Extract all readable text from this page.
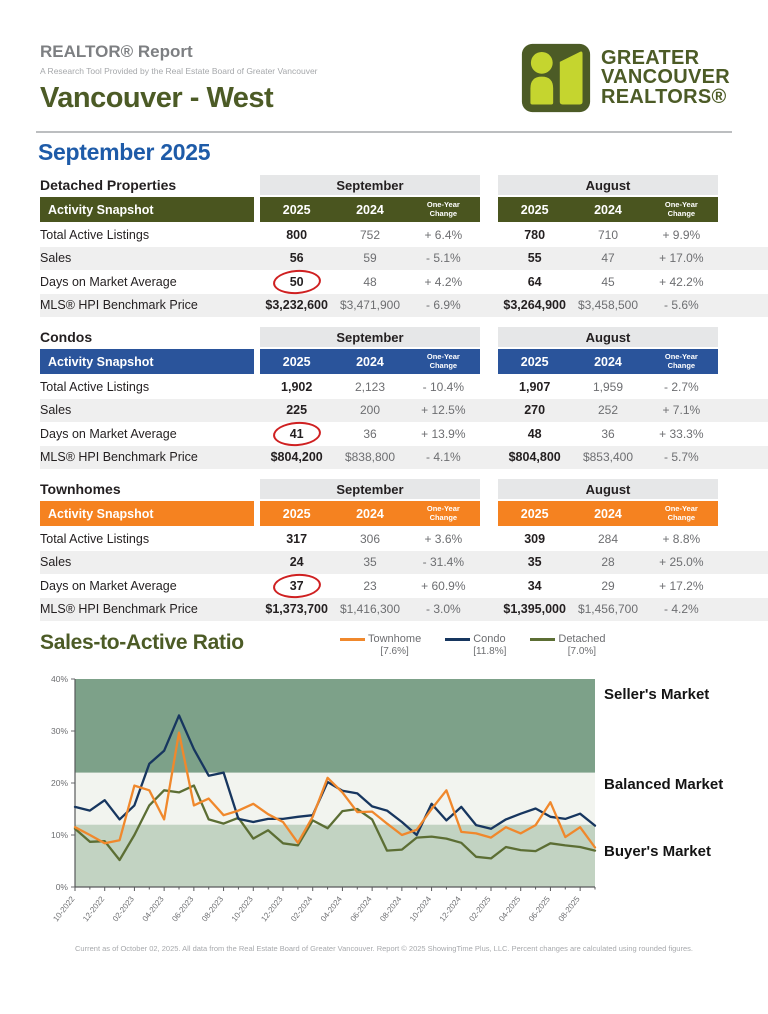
REALTOR® Report
A Research Tool Provided by the Real Estate Board of Greater Vancouver
Vancouver - West
GREATER
VANCOUVER
REALTORS®
September 2025
Detached Properties	September	August
Activity Snapshot	2025	2024	One-Year Change	2025	2024	One-Year Change
Total Active Listings	800	752	+ 6.4%	780	710	+ 9.9%
Sales	56	59	- 5.1%	55	47	+ 17.0%
Days on Market Average	50	48	+ 4.2%	64	45	+ 42.2%
MLS® HPI Benchmark Price	$3,232,600	$3,471,900	- 6.9%	$3,264,900	$3,458,500	- 5.6%
Condos	September	August
Activity Snapshot	2025	2024	One-Year Change	2025	2024	One-Year Change
Total Active Listings	1,902	2,123	- 10.4%	1,907	1,959	- 2.7%
Sales	225	200	+ 12.5%	270	252	+ 7.1%
Days on Market Average	41	36	+ 13.9%	48	36	+ 33.3%
MLS® HPI Benchmark Price	$804,200	$838,800	- 4.1%	$804,800	$853,400	- 5.7%
Townhomes	September	August
Activity Snapshot	2025	2024	One-Year Change	2025	2024	One-Year Change
Total Active Listings	317	306	+ 3.6%	309	284	+ 8.8%
Sales	24	35	- 31.4%	35	28	+ 25.0%
Days on Market Average	37	23	+ 60.9%	34	29	+ 17.2%
MLS® HPI Benchmark Price	$1,373,700	$1,416,300	- 3.0%	$1,395,000	$1,456,700	- 4.2%
Sales-to-Active Ratio	Townhome
[7.6%]
Condo
[11.8%]
Detached
[7.0%]
0%
10%
20%
30%
40%
10-2022 12-2022 02-2023 04-2023 06-2023 08-2023 10-2023 12-2023 02-2024 04-2024 06-2024 08-2024 10-2024 12-2024 02-2025 04-2025 06-2025 08-2025
Seller's Market
Balanced Market
Buyer's Market
Current as of October 02, 2025. All data from the Real Estate Board of Greater Vancouver. Report © 2025 ShowingTime Plus, LLC. Percent changes are calculated using rounded figures.
